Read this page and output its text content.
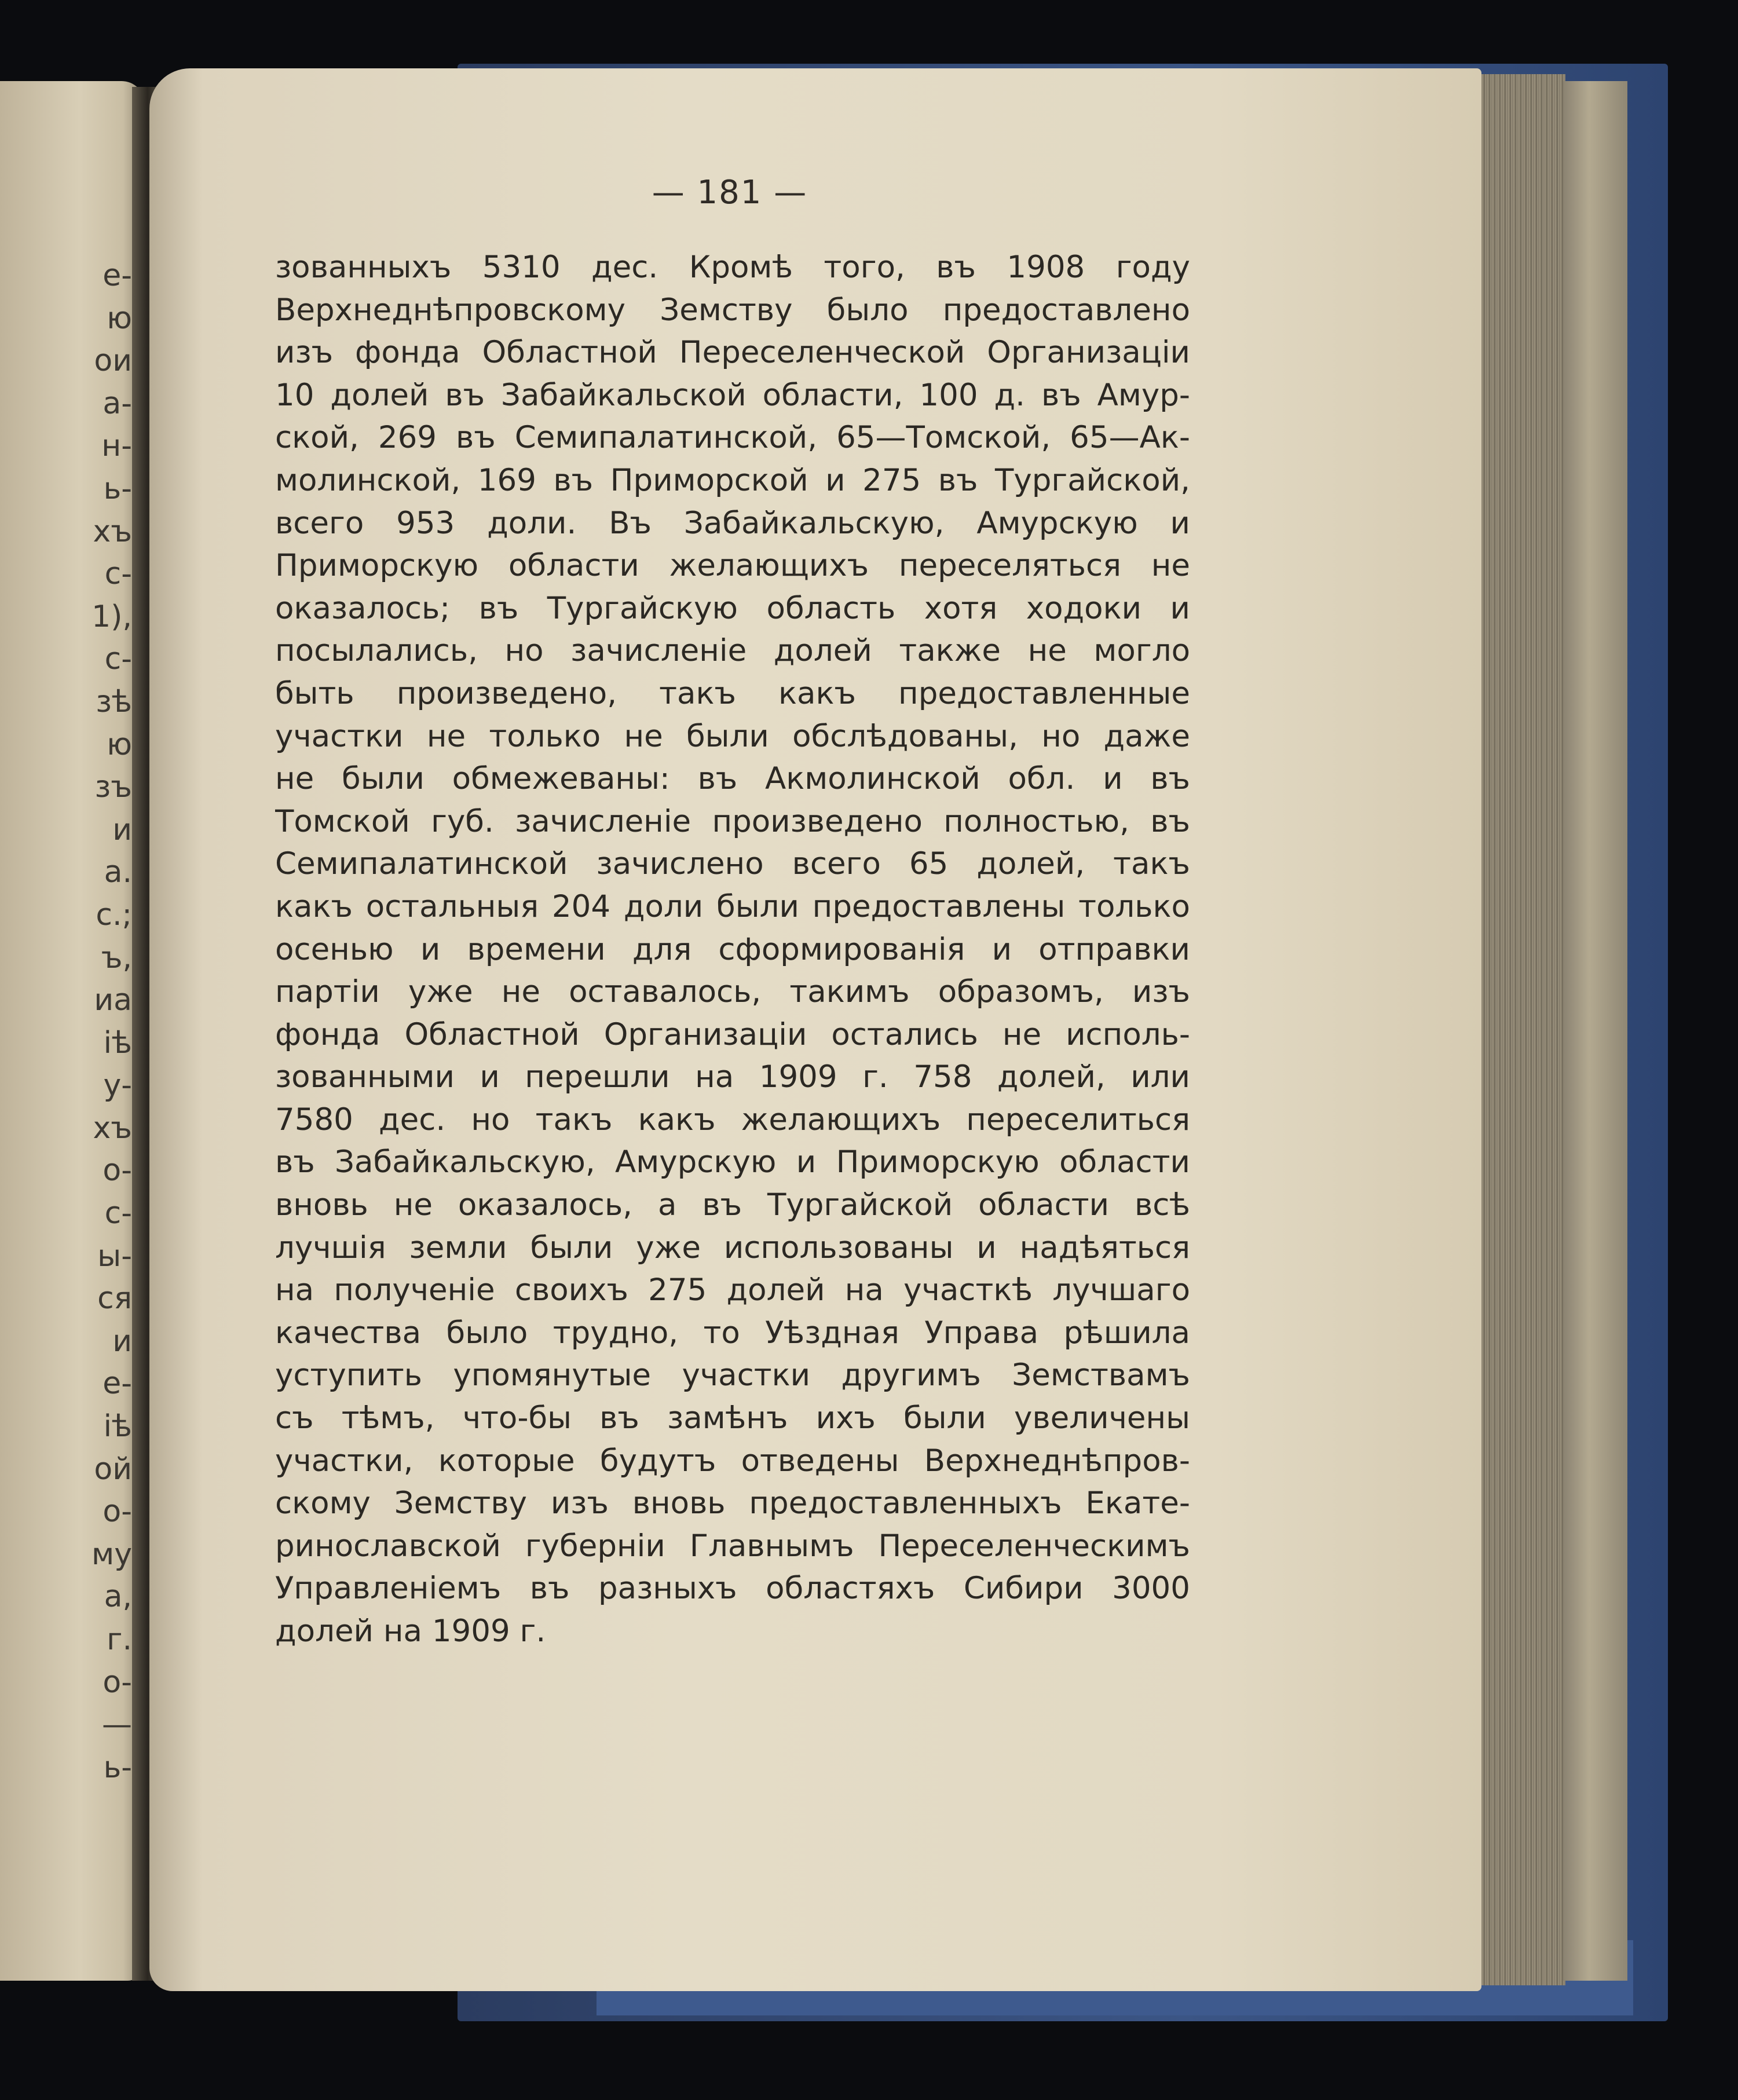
е-
ю
ои
а-
н-
ь-
хъ
с-
1),
с-
зѣ
ю
зъ
и
а.
с.;
ъ,
иа
iѣ
у-
хъ
о-
с-
ы-
ся
и
е-
iѣ
ой
о-
му
а,
г.
о-
—
ь-
— 181 —
зованныхъ 5310 дес. Кромѣ того, въ 1908 году
Верхнеднѣпровскому Земству было предоставлено
изъ фонда Областной Переселенческой Организацiи
10 долей въ Забайкальской области, 100 д. въ Амур-
ской, 269 въ Семипалатинской, 65—Томской, 65—Ак-
молинской, 169 въ Приморской и 275 въ Тургайской,
всего 953 доли. Въ Забайкальскую, Амурскую и
Приморскую области желающихъ переселяться не
оказалось; въ Тургайскую область хотя ходоки и
посылались, но зачисленiе долей также не могло
быть произведено, такъ какъ предоставленные
участки не только не были обслѣдованы, но даже
не были обмежеваны: въ Акмолинской обл. и въ
Томской губ. зачисленiе произведено полностью, въ
Семипалатинской зачислено всего 65 долей, такъ
какъ остальныя 204 доли были предоставлены только
осенью и времени для сформированiя и отправки
партiи уже не оставалось, такимъ образомъ, изъ
фонда Областной Организацiи остались не исполь-
зованными и перешли на 1909 г. 758 долей, или
7580 дес. но такъ какъ желающихъ переселиться
въ Забайкальскую, Амурскую и Приморскую области
вновь не оказалось, а въ Тургайской области всѣ
лучшiя земли были уже использованы и надѣяться
на полученiе своихъ 275 долей на участкѣ лучшаго
качества было трудно, то Уѣздная Управа рѣшила
уступить упомянутые участки другимъ Земствамъ
съ тѣмъ, что-бы въ замѣнъ ихъ были увеличены
участки, которые будутъ отведены Верхнеднѣпров-
скому Земству изъ вновь предоставленныхъ Екате-
ринославской губернiи Главнымъ Переселенческимъ
Управленiемъ въ разныхъ областяхъ Сибири 3000
долей на 1909 г.
